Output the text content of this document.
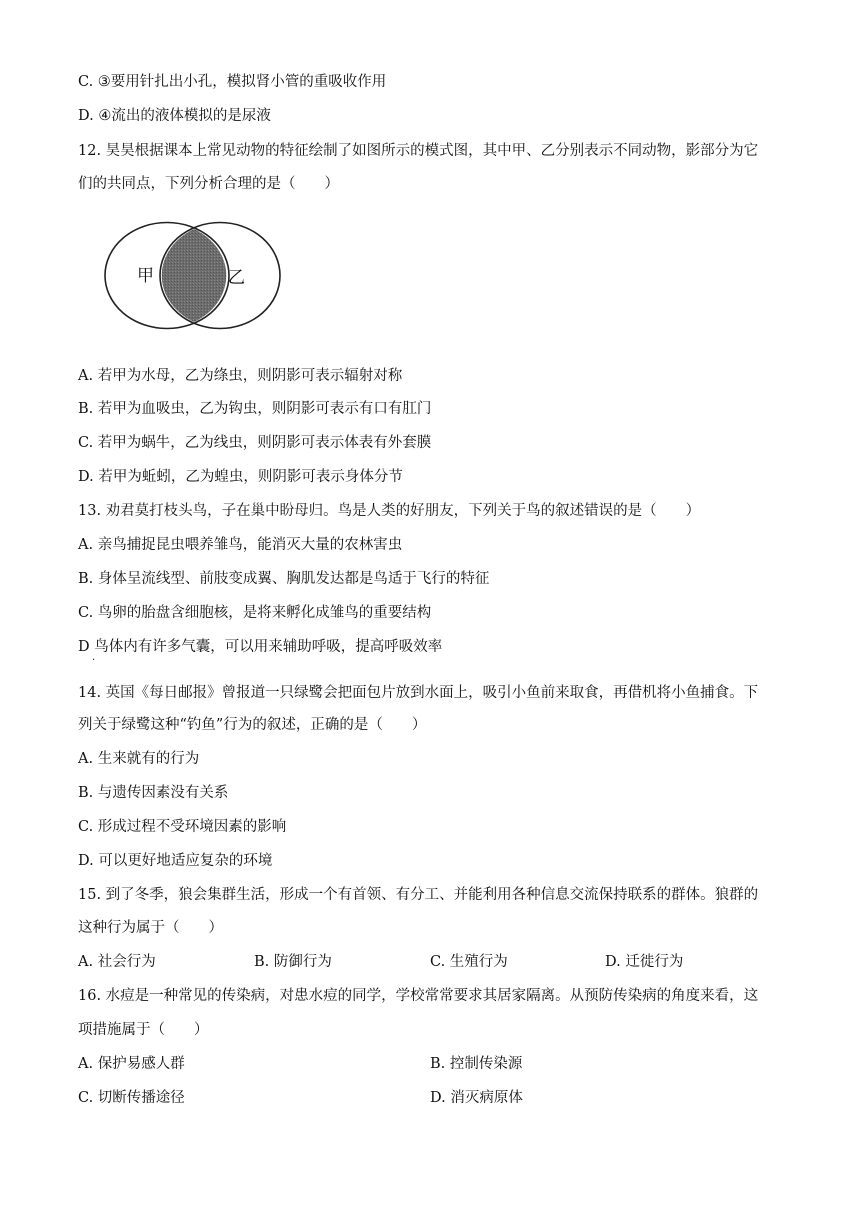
C. ③要用针扎出小孔，模拟肾小管的重吸收作用
D. ④流出的液体模拟的是尿液
12. 昊昊根据课本上常见动物的特征绘制了如图所示的模式图，其中甲、乙分别表示不同动物，影部分为它
们的共同点，下列分析合理的是（　　）
甲	乙
A. 若甲为水母，乙为绦虫，则阴影可表示辐射对称
B. 若甲为血吸虫，乙为钩虫，则阴影可表示有口有肛门
C. 若甲为蜗牛，乙为线虫，则阴影可表示体表有外套膜
D. 若甲为蚯蚓，乙为蝗虫，则阴影可表示身体分节
13. 劝君莫打枝头鸟，子在巢中盼母归。鸟是人类的好朋友，下列关于鸟的叙述错误的是（　　）
A. 亲鸟捕捉昆虫喂养雏鸟，能消灭大量的农林害虫
B. 身体呈流线型、前肢变成翼、胸肌发达都是鸟适于飞行的特征
C. 鸟卵的胎盘含细胞核，是将来孵化成雏鸟的重要结构
D 鸟体内有许多气囊，可以用来辅助呼吸，提高呼吸效率
.
14. 英国《每日邮报》曾报道一只绿鹭会把面包片放到水面上，吸引小鱼前来取食，再借机将小鱼捕食。下
列关于绿鹭这种“钓鱼”行为的叙述，正确的是（　　）
A. 生来就有的行为
B. 与遗传因素没有关系
C. 形成过程不受环境因素的影响
D. 可以更好地适应复杂的环境
15. 到了冬季，狼会集群生活，形成一个有首领、有分工、并能利用各种信息交流保持联系的群体。狼群的
这种行为属于（　　）
A. 社会行为	B. 防御行为	C. 生殖行为	D. 迁徙行为
16. 水痘是一种常见的传染病，对患水痘的同学，学校常常要求其居家隔离。从预防传染病的角度来看，这
项措施属于（　　）
A. 保护易感人群	B. 控制传染源
C. 切断传播途径	D. 消灭病原体
